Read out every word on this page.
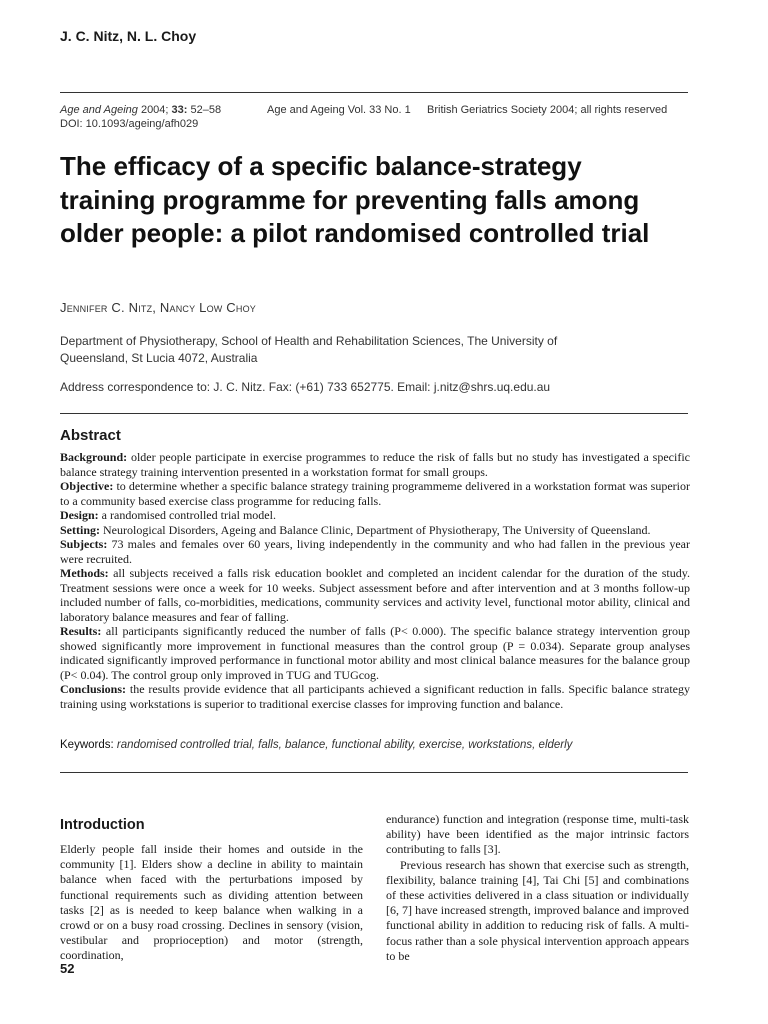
J. C. Nitz, N. L. Choy
Age and Ageing 2004; 33: 52–58
DOI: 10.1093/ageing/afh029
Age and Ageing Vol. 33 No. 1 British Geriatrics Society 2004; all rights reserved
The efficacy of a specific balance-strategy training programme for preventing falls among older people: a pilot randomised controlled trial
Jennifer C. Nitz, Nancy Low Choy
Department of Physiotherapy, School of Health and Rehabilitation Sciences, The University of Queensland, St Lucia 4072, Australia
Address correspondence to: J. C. Nitz. Fax: (+61) 733 652775. Email: j.nitz@shrs.uq.edu.au
Abstract

Background: older people participate in exercise programmes to reduce the risk of falls but no study has investigated a specific balance strategy training intervention presented in a workstation format for small groups.

Objective: to determine whether a specific balance strategy training programmeme delivered in a workstation format was superior to a community based exercise class programme for reducing falls.

Design: a randomised controlled trial model.

Setting: Neurological Disorders, Ageing and Balance Clinic, Department of Physiotherapy, The University of Queensland.

Subjects: 73 males and females over 60 years, living independently in the community and who had fallen in the previous year were recruited.

Methods: all subjects received a falls risk education booklet and completed an incident calendar for the duration of the study. Treatment sessions were once a week for 10 weeks. Subject assessment before and after intervention and at 3 months follow-up included number of falls, co-morbidities, medications, community services and activity level, functional motor ability, clinical and laboratory balance measures and fear of falling.

Results: all participants significantly reduced the number of falls (P< 0.000). The specific balance strategy intervention group showed significantly more improvement in functional measures than the control group (P = 0.034). Separate group analyses indicated significantly improved performance in functional motor ability and most clinical balance measures for the balance group (P< 0.04). The control group only improved in TUG and TUGcog.

Conclusions: the results provide evidence that all participants achieved a significant reduction in falls. Specific balance strategy training using workstations is superior to traditional exercise classes for improving function and balance.

Keywords: randomised controlled trial, falls, balance, functional ability, exercise, workstations, elderly
Introduction

Elderly people fall inside their homes and outside in the community [1]. Elders show a decline in ability to maintain balance when faced with the perturbations imposed by functional requirements such as dividing attention between tasks [2] as is needed to keep balance when walking in a crowd or on a busy road crossing. Declines in sensory (vision, vestibular and proprioception) and motor (strength, coordination,

endurance) function and integration (response time, multi-task ability) have been identified as the major intrinsic factors contributing to falls [3].

Previous research has shown that exercise such as strength, flexibility, balance training [4], Tai Chi [5] and combinations of these activities delivered in a class situation or individually [6, 7] have increased strength, improved balance and improved functional ability in addition to reducing risk of falls. A multi-focus rather than a sole physical intervention approach appears to be

52
